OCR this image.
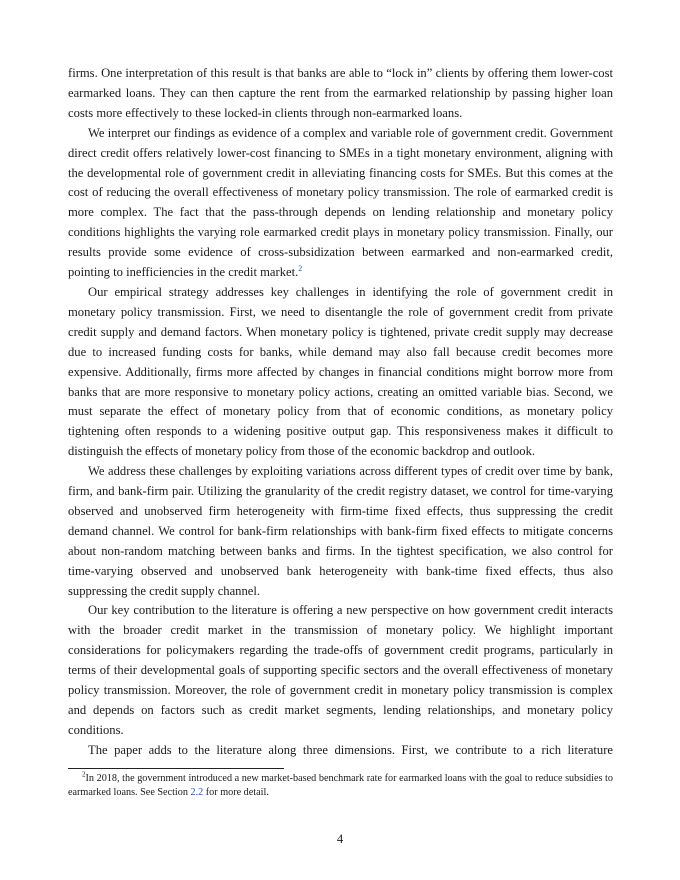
firms. One interpretation of this result is that banks are able to “lock in” clients by offering them lower-cost earmarked loans. They can then capture the rent from the earmarked relationship by passing higher loan costs more effectively to these locked-in clients through non-earmarked loans.

We interpret our findings as evidence of a complex and variable role of government credit. Government direct credit offers relatively lower-cost financing to SMEs in a tight monetary environment, aligning with the developmental role of government credit in alleviating financing costs for SMEs. But this comes at the cost of reducing the overall effectiveness of monetary policy transmission. The role of earmarked credit is more complex. The fact that the pass-through depends on lending relationship and monetary policy conditions highlights the varying role earmarked credit plays in monetary policy transmission. Finally, our results provide some evidence of cross-subsidization between earmarked and non-earmarked credit, pointing to inefficiencies in the credit market.$^2$

Our empirical strategy addresses key challenges in identifying the role of government credit in monetary policy transmission. First, we need to disentangle the role of government credit from private credit supply and demand factors. When monetary policy is tightened, private credit supply may decrease due to increased funding costs for banks, while demand may also fall because credit becomes more expensive. Additionally, firms more affected by changes in financial conditions might borrow more from banks that are more responsive to monetary policy actions, creating an omitted variable bias. Second, we must separate the effect of monetary policy from that of economic conditions, as monetary policy tightening often responds to a widening positive output gap. This responsiveness makes it difficult to distinguish the effects of monetary policy from those of the economic backdrop and outlook.

We address these challenges by exploiting variations across different types of credit over time by bank, firm, and bank-firm pair. Utilizing the granularity of the credit registry dataset, we control for time-varying observed and unobserved firm heterogeneity with firm-time fixed effects, thus suppressing the credit demand channel. We control for bank-firm relationships with bank-firm fixed effects to mitigate concerns about non-random matching between banks and firms. In the tightest specification, we also control for time-varying observed and unobserved bank heterogeneity with bank-time fixed effects, thus also suppressing the credit supply channel.

Our key contribution to the literature is offering a new perspective on how government credit interacts with the broader credit market in the transmission of monetary policy. We highlight important considerations for policymakers regarding the trade-offs of government credit programs, particularly in terms of their developmental goals of supporting specific sectors and the overall effectiveness of monetary policy transmission. Moreover, the role of government credit in monetary policy transmission is complex and depends on factors such as credit market segments, lending relationships, and monetary policy conditions.

The paper adds to the literature along three dimensions. First, we contribute to a rich literature

$^2$In 2018, the government introduced a new market-based benchmark rate for earmarked loans with the goal to reduce subsidies to earmarked loans. See Section 2.2 for more detail.

4
